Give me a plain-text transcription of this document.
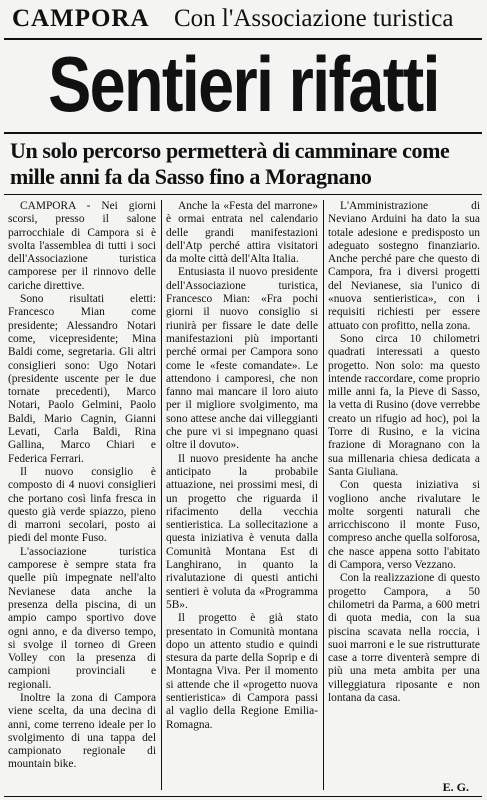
CAMPORA Con l'Associazione turistica
Sentieri rifatti
Un solo percorso permetterà di camminare come mille anni fa da Sasso fino a Moragnano

CAMPORA - Nei giorni scorsi, presso il salone parrocchiale di Campora si è svolta l'assemblea di tutti i soci dell'Associazione turistica camporese per il rinnovo delle cariche direttive.

Sono risultati eletti: Francesco Mian come presidente; Alessandro Notari come, vicepresidente; Mina Baldi come, segretaria. Gli altri consiglieri sono: Ugo Notari (presidente uscente per le due tornate precedenti), Marco Notari, Paolo Gelmini, Paolo Baldi, Mario Cagnin, Gianni Levati, Carla Baldi, Rina Gallina, Marco Chiari e Federica Ferrari.

Il nuovo consiglio è composto di 4 nuovi consiglieri che portano così linfa fresca in questo già verde spiazzo, pieno di marroni secolari, posto ai piedi del monte Fuso.

L'associazione turistica camporese è sempre stata fra quelle più impegnate nell'alto Nevianese data anche la presenza della piscina, di un ampio campo sportivo dove ogni anno, e da diverso tempo, si svolge il torneo di Green Volley con la presenza di campioni provinciali e regionali.

Inoltre la zona di Campora viene scelta, da una decina di anni, come terreno ideale per lo svolgimento di una tappa del campionato regionale di mountain bike.

Anche la «Festa del marrone» è ormai entrata nel calendario delle grandi manifestazioni dell'Atp perché attira visitatori da molte città dell'Alta Italia.

Entusiasta il nuovo presidente dell'Associazione turistica, Francesco Mian: «Fra pochi giorni il nuovo consiglio si riunirà per fissare le date delle manifestazioni più importanti perché ormai per Campora sono come le «feste comandate». Le attendono i camporesi, che non fanno mai mancare il loro aiuto per il migliore svolgimento, ma sono attese anche dai villeggianti che pure vi si impegnano quasi oltre il dovuto».

Il nuovo presidente ha anche anticipato la probabile attuazione, nei prossimi mesi, di un progetto che riguarda il rifacimento della vecchia sentieristica. La sollecitazione a questa iniziativa è venuta dalla Comunità Montana Est di Langhirano, in quanto la rivalutazione di questi antichi sentieri è voluta da «Programma 5B».

Il progetto è già stato presentato in Comunità montana dopo un attento studio e quindi stesura da parte della Soprip e di Montagna Viva. Per il momento si attende che il «progetto nuova sentieristica» di Campora passi al vaglio della Regione Emilia-Romagna.

L'Amministrazione di Neviano Arduini ha dato la sua totale adesione e predisposto un adeguato sostegno finanziario. Anche perché pare che questo di Campora, fra i diversi progetti del Nevianese, sia l'unico di «nuova sentieristica», con i requisiti richiesti per essere attuato con profitto, nella zona.

Sono circa 10 chilometri quadrati interessati a questo progetto. Non solo: ma questo intende raccordare, come proprio mille anni fa, la Pieve di Sasso, la vetta di Rusino (dove verrebbe creato un rifugio ad hoc), poi la Torre di Rusino, e la vicina frazione di Moragnano con la sua millenaria chiesa dedicata a Santa Giuliana.

Con questa iniziativa si vogliono anche rivalutare le molte sorgenti naturali che arricchiscono il monte Fuso, compreso anche quella solforosa, che nasce appena sotto l'abitato di Campora, verso Vezzano.

Con la realizzazione di questo progetto Campora, a 50 chilometri da Parma, a 600 metri di quota media, con la sua piscina scavata nella roccia, i suoi marroni e le sue ristrutturate case a torre diventerà sempre di più una meta ambita per una villeggiatura riposante e non lontana da casa.

E. G.
